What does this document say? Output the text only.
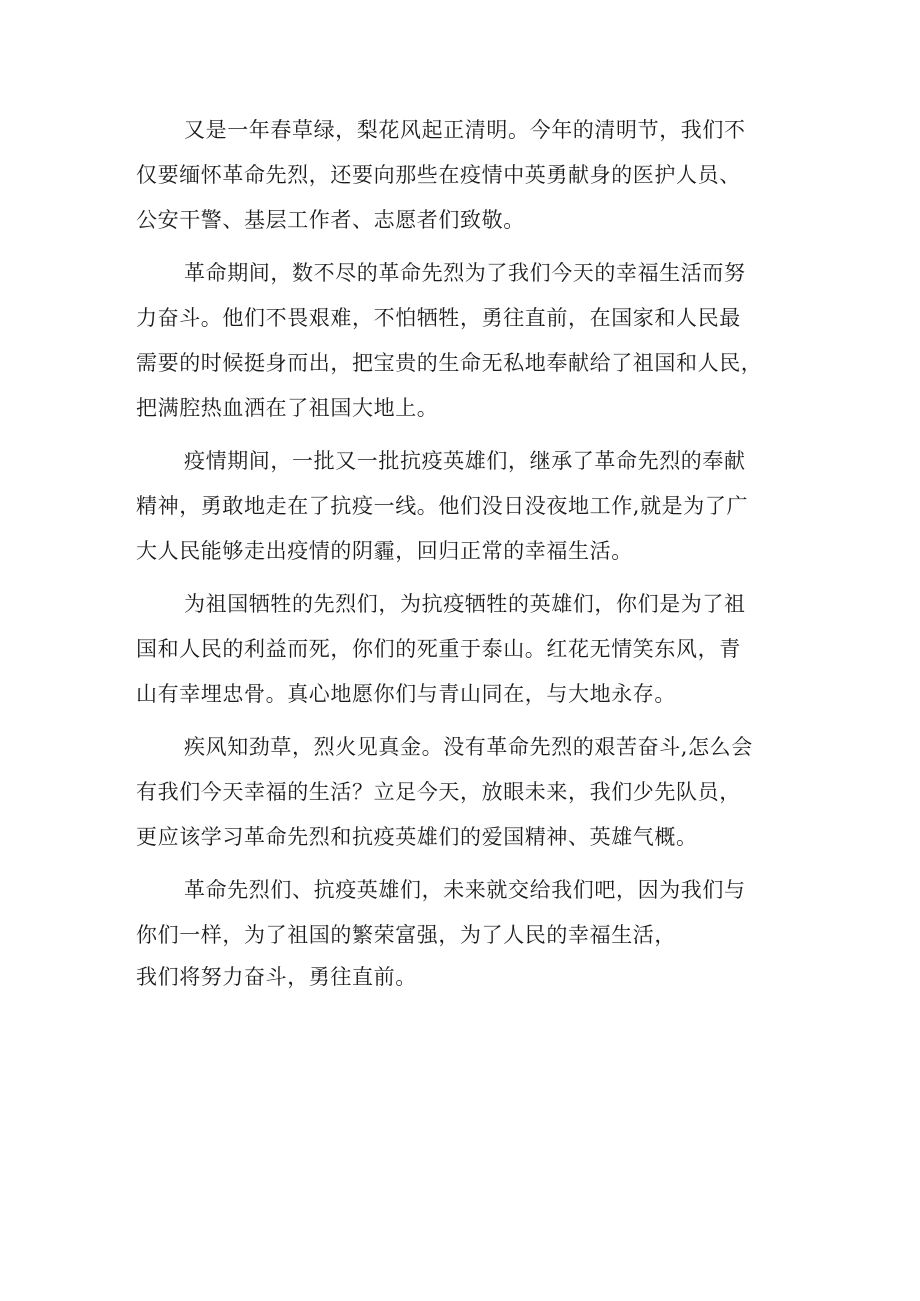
又是一年春草绿，梨花风起正清明。今年的清明节，我们不
仅要缅怀革命先烈，还要向那些在疫情中英勇献身的医护人员、
公安干警、基层工作者、志愿者们致敬。
革命期间，数不尽的革命先烈为了我们今天的幸福生活而努
力奋斗。他们不畏艰难，不怕牺牲，勇往直前，在国家和人民最
需要的时候挺身而出，把宝贵的生命无私地奉献给了祖国和人民，
把满腔热血洒在了祖国大地上。
疫情期间，一批又一批抗疫英雄们，继承了革命先烈的奉献
精神，勇敢地走在了抗疫一线。他们没日没夜地工作,就是为了广
大人民能够走出疫情的阴霾，回归正常的幸福生活。
为祖国牺牲的先烈们，为抗疫牺牲的英雄们，你们是为了祖
国和人民的利益而死，你们的死重于泰山。红花无情笑东风，青
山有幸埋忠骨。真心地愿你们与青山同在，与大地永存。
疾风知劲草，烈火见真金。没有革命先烈的艰苦奋斗,怎么会
有我们今天幸福的生活？立足今天，放眼未来，我们少先队员，
更应该学习革命先烈和抗疫英雄们的爱国精神、英雄气概。
革命先烈们、抗疫英雄们，未来就交给我们吧，因为我们与
你们一样，为了祖国的繁荣富强，为了人民的幸福生活，
我们将努力奋斗，勇往直前。
